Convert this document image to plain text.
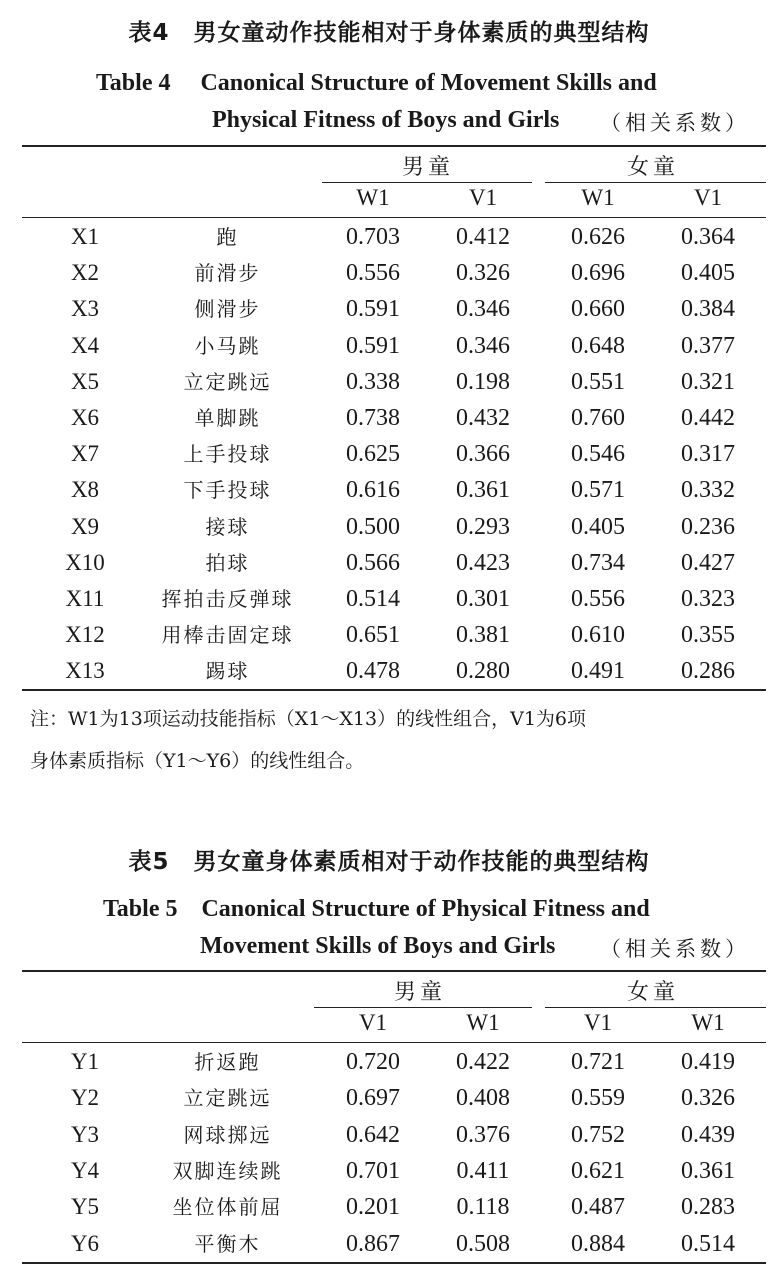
表4　男女童动作技能相对于身体素质的典型结构
Table 4　 Canonical Structure of Movement Skills and
Physical Fitness of Boys and Girls （相关系数）
男童	女童
W1	V1	W1	V1
X1	跑	0.703	0.412	0.626	0.364
X2	前滑步	0.556	0.326	0.696	0.405
X3	侧滑步	0.591	0.346	0.660	0.384
X4	小马跳	0.591	0.346	0.648	0.377
X5	立定跳远	0.338	0.198	0.551	0.321
X6	单脚跳	0.738	0.432	0.760	0.442
X7	上手投球	0.625	0.366	0.546	0.317
X8	下手投球	0.616	0.361	0.571	0.332
X9	接球	0.500	0.293	0.405	0.236
X10	拍球	0.566	0.423	0.734	0.427
X11	挥拍击反弹球	0.514	0.301	0.556	0.323
X12	用棒击固定球	0.651	0.381	0.610	0.355
X13	踢球	0.478	0.280	0.491	0.286
注：W1为13项运动技能指标（X1～X13）的线性组合，V1为6项
身体素质指标（Y1～Y6）的线性组合。
表5　男女童身体素质相对于动作技能的典型结构
Table 5　Canonical Structure of Physical Fitness and
Movement Skills of Boys and Girls （相关系数）
男童	女童
V1	W1	V1	W1
Y1	折返跑	0.720	0.422	0.721	0.419
Y2	立定跳远	0.697	0.408	0.559	0.326
Y3	网球掷远	0.642	0.376	0.752	0.439
Y4	双脚连续跳	0.701	0.411	0.621	0.361
Y5	坐位体前屈	0.201	0.118	0.487	0.283
Y6	平衡木	0.867	0.508	0.884	0.514
